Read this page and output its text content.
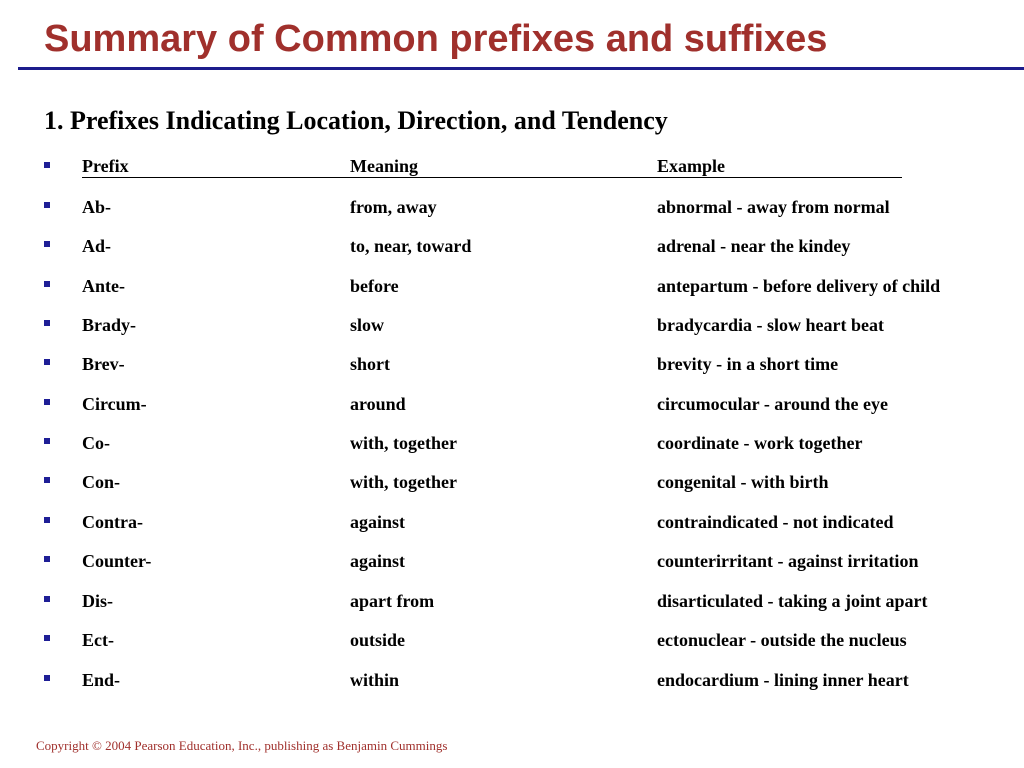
Summary of Common prefixes and suffixes
1. Prefixes Indicating Location, Direction, and Tendency
Prefix	Meaning	Example
Ab-	from, away	abnormal - away from normal
Ad-	to, near, toward	adrenal - near the kindey
Ante-	before	antepartum - before delivery of child
Brady-	slow	bradycardia - slow heart beat
Brev-	short	brevity - in a short time
Circum-	around	circumocular - around the eye
Co-	with, together	coordinate - work together
Con-	with, together	congenital - with birth
Contra-	against	contraindicated - not indicated
Counter-	against	counterirritant - against irritation
Dis-	apart from	disarticulated - taking a joint apart
Ect-	outside	ectonuclear - outside the nucleus
End-	within	endocardium - lining inner heart

Copyright © 2004 Pearson Education, Inc., publishing as Benjamin Cummings
